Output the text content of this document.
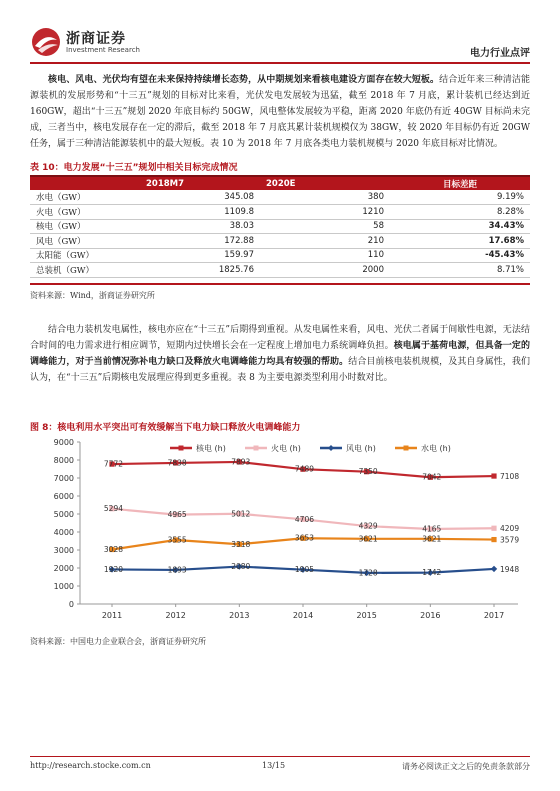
浙商证券
Investment Research	电力行业点评
核电、风电、光伏均有望在未来保持持续增长态势，从中期规划来看核电建设方面存在较大短板。结合近年来三种清洁能源装机的发展形势和“十三五”规划的目标对比来看，光伏发电发展较为迅猛，截至 2018 年 7 月底，累计装机已经达到近 160GW，超出“十三五”规划 2020 年底目标约 50GW，风电整体发展较为平稳，距离 2020 年底仍有近 40GW 目标尚未完成，三者当中，核电发展存在一定的滞后，截至 2018 年 7 月底其累计装机规模仅为 38GW，较 2020 年目标仍有近 20GW 任务，属于三种清洁能源装机中的最大短板。表 10 为 2018 年 7 月底各类电力装机规模与 2020 年底目标对比情况。
表 10：电力发展“十三五”规划中相关目标完成情况
	2018M7	2020E	目标差距
水电（GW）	345.08	380	9.19%
火电（GW）	1109.8	1210	8.28%
核电（GW）	38.03	58	34.43%
风电（GW）	172.88	210	17.68%
太阳能（GW）	159.97	110	-45.43%
总装机（GW）	1825.76	2000	8.71%
资料来源：Wind，浙商证券研究所
结合电力装机发电属性，核电亦应在“十三五”后期得到重视。从发电属性来看，风电、光伏二者属于间歇性电源，无法结合时间的电力需求进行相应调节，短期内过快增长会在一定程度上增加电力系统调峰负担。核电属于基荷电源，但具备一定的调峰能力，对于当前情况弥补电力缺口及释放火电调峰能力均具有较强的帮助。结合目前核电装机规模，及其自身属性，我们认为，在“十三五”后期核电发展理应得到更多重视。表 8 为主要电源类型利用小时数对比。
图 8：核电利用水平突出可有效缓解当下电力缺口释放火电调峰能力
0
1000
2000
3000
4000
5000
6000
7000
8000
9000
2011	2012	2013	2014	2015	2016	2017
核电 (h)	火电 (h)	风电 (h)	水电 (h)
7772	7838	7893
7489	7350
7042	7108
5294
4965	5012
4706
4329	4165	4209
1920	1893	2080	1905	1728	1742	1948
3028
3555	3318
3653	3621	3621	3579
资料来源：中国电力企业联合会，浙商证券研究所
http://research.stocke.com.cn	13/15	请务必阅读正文之后的免责条款部分
